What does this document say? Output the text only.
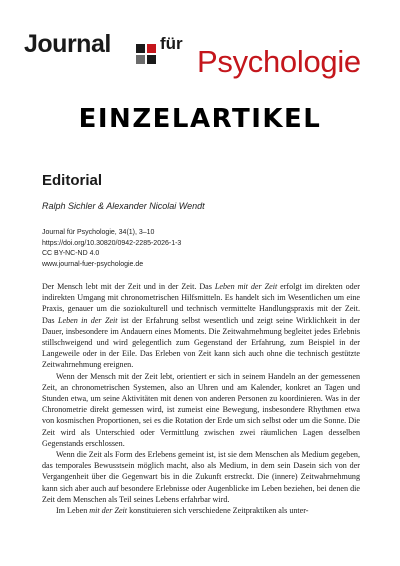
Journal	für
Psychologie
EINZELARTIKEL
Editorial
Ralph Sichler & Alexander Nicolai Wendt
Journal für Psychologie, 34(1), 3–10
https://doi.org/10.30820/0942-2285-2026-1-3
CC BY-NC-ND 4.0
www.journal-fuer-psychologie.de

Der Mensch lebt mit der Zeit und in der Zeit. Das Leben mit der Zeit erfolgt im direkten oder indirekten Umgang mit chronometrischen Hilfsmitteln. Es handelt sich im Wesentlichen um eine Praxis, genauer um die soziokulturell und technisch vermittelte Handlungspraxis mit der Zeit. Das Leben in der Zeit ist der Erfahrung selbst wesentlich und zeigt seine Wirklichkeit in der Dauer, insbesondere im Andauern eines Moments. Die Zeitwahrnehmung begleitet jedes Erlebnis stillschweigend und wird gelegentlich zum Gegenstand der Erfahrung, zum Beispiel in der Langeweile oder in der Eile. Das Erleben von Zeit kann sich auch ohne die technisch gestützte Zeitwahrnehmung ereignen.

Wenn der Mensch mit der Zeit lebt, orientiert er sich in seinem Handeln an der gemessenen Zeit, an chronometrischen Systemen, also an Uhren und am Kalender, konkret an Tagen und Stunden etwa, um seine Aktivitäten mit denen von anderen Personen zu koordinieren. Was in der Chronometrie direkt gemessen wird, ist zumeist eine Bewegung, insbesondere Rhythmen etwa von kosmischen Proportionen, sei es die Rotation der Erde um sich selbst oder um die Sonne. Die Zeit wird als Unterschied oder Vermittlung zwischen zwei räumlichen Lagen desselben Gegenstands erschlossen.

Wenn die Zeit als Form des Erlebens gemeint ist, ist sie dem Menschen als Medium gegeben, das temporales Bewusstsein möglich macht, also als Medium, in dem sein Dasein sich von der Vergangenheit über die Gegenwart bis in die Zukunft erstreckt. Die (innere) Zeitwahrnehmung kann sich aber auch auf besondere Erlebnisse oder Augenblicke im Leben beziehen, bei denen die Zeit dem Menschen als Teil seines Lebens erfahrbar wird.

Im Leben mit der Zeit konstituieren sich verschiedene Zeitpraktiken als unter-
